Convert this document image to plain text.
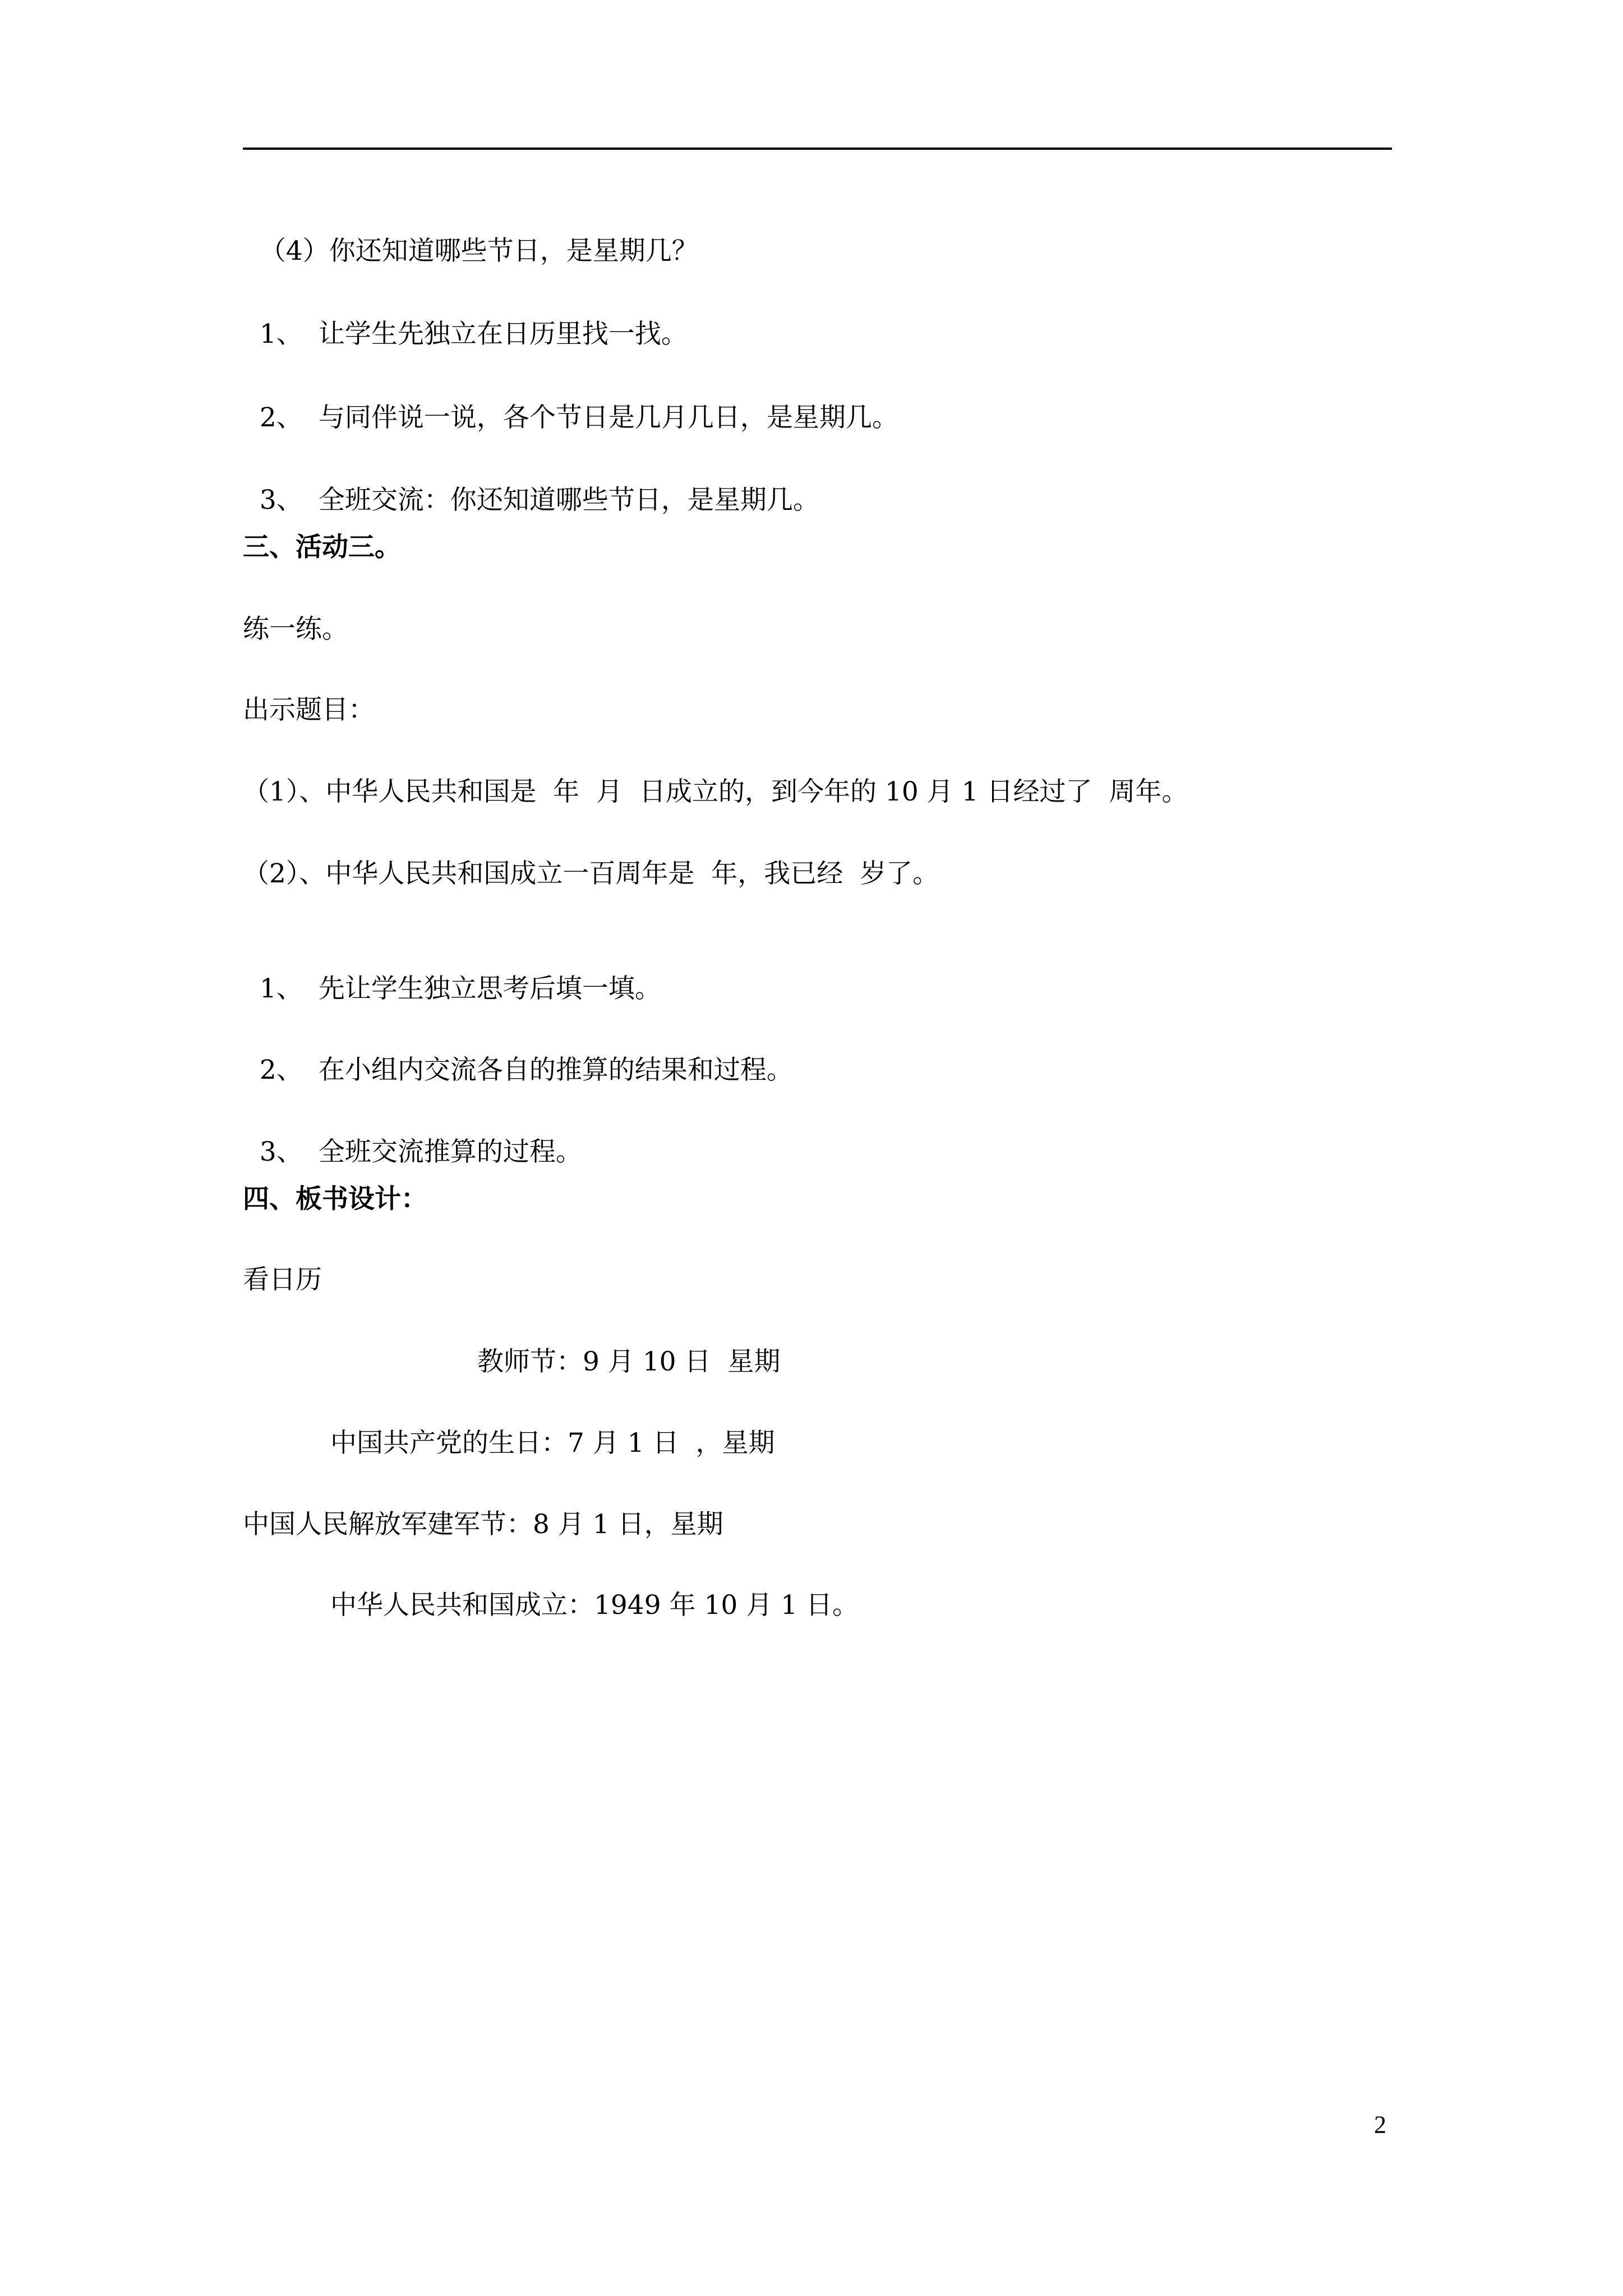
（4）你还知道哪些节日，是星期几？

1、 让学生先独立在日历里找一找。

2、 与同伴说一说，各个节日是几月几日，是星期几。

3、 全班交流：你还知道哪些节日，是星期几。

三、活动三。
练一练。
出示题目：
（1）、中华人民共和国是  年  月  日成立的，到今年的 10 月 1 日经过了  周年。
（2）、中华人民共和国成立一百周年是  年，我已经  岁了。

1、 先让学生独立思考后填一填。

2、 在小组内交流各自的推算的结果和过程。

3、 全班交流推算的过程。

四、板书设计：
看日历
教师节：9 月 10 日  星期
中国共产党的生日：7 月 1 日  ，星期
中国人民解放军建军节：8 月 1 日，星期
中华人民共和国成立：1949 年 10 月 1 日。
2
